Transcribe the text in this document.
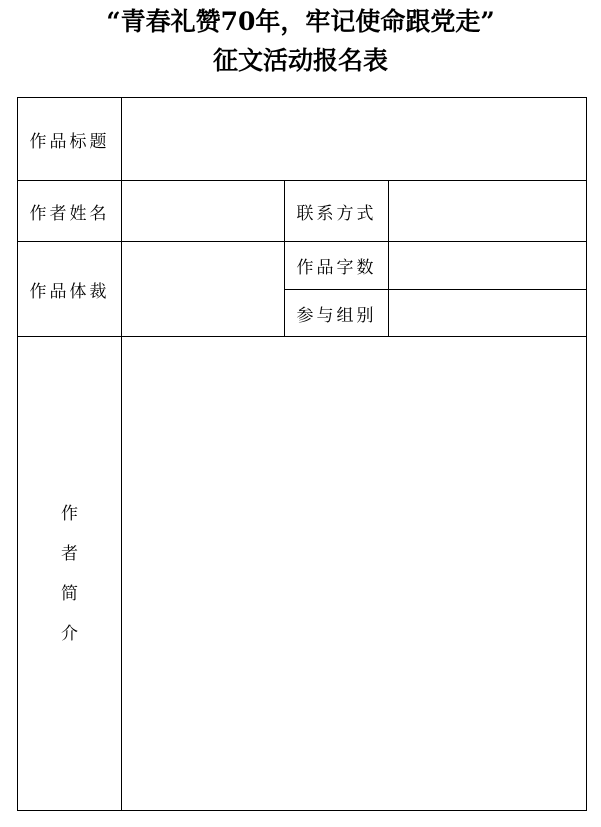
“青春礼赞70年，牢记使命跟党走”
征文活动报名表
作品标题			
作者姓名		联系方式	
作品体裁		作品字数	
		参与组别	
作者简介			
